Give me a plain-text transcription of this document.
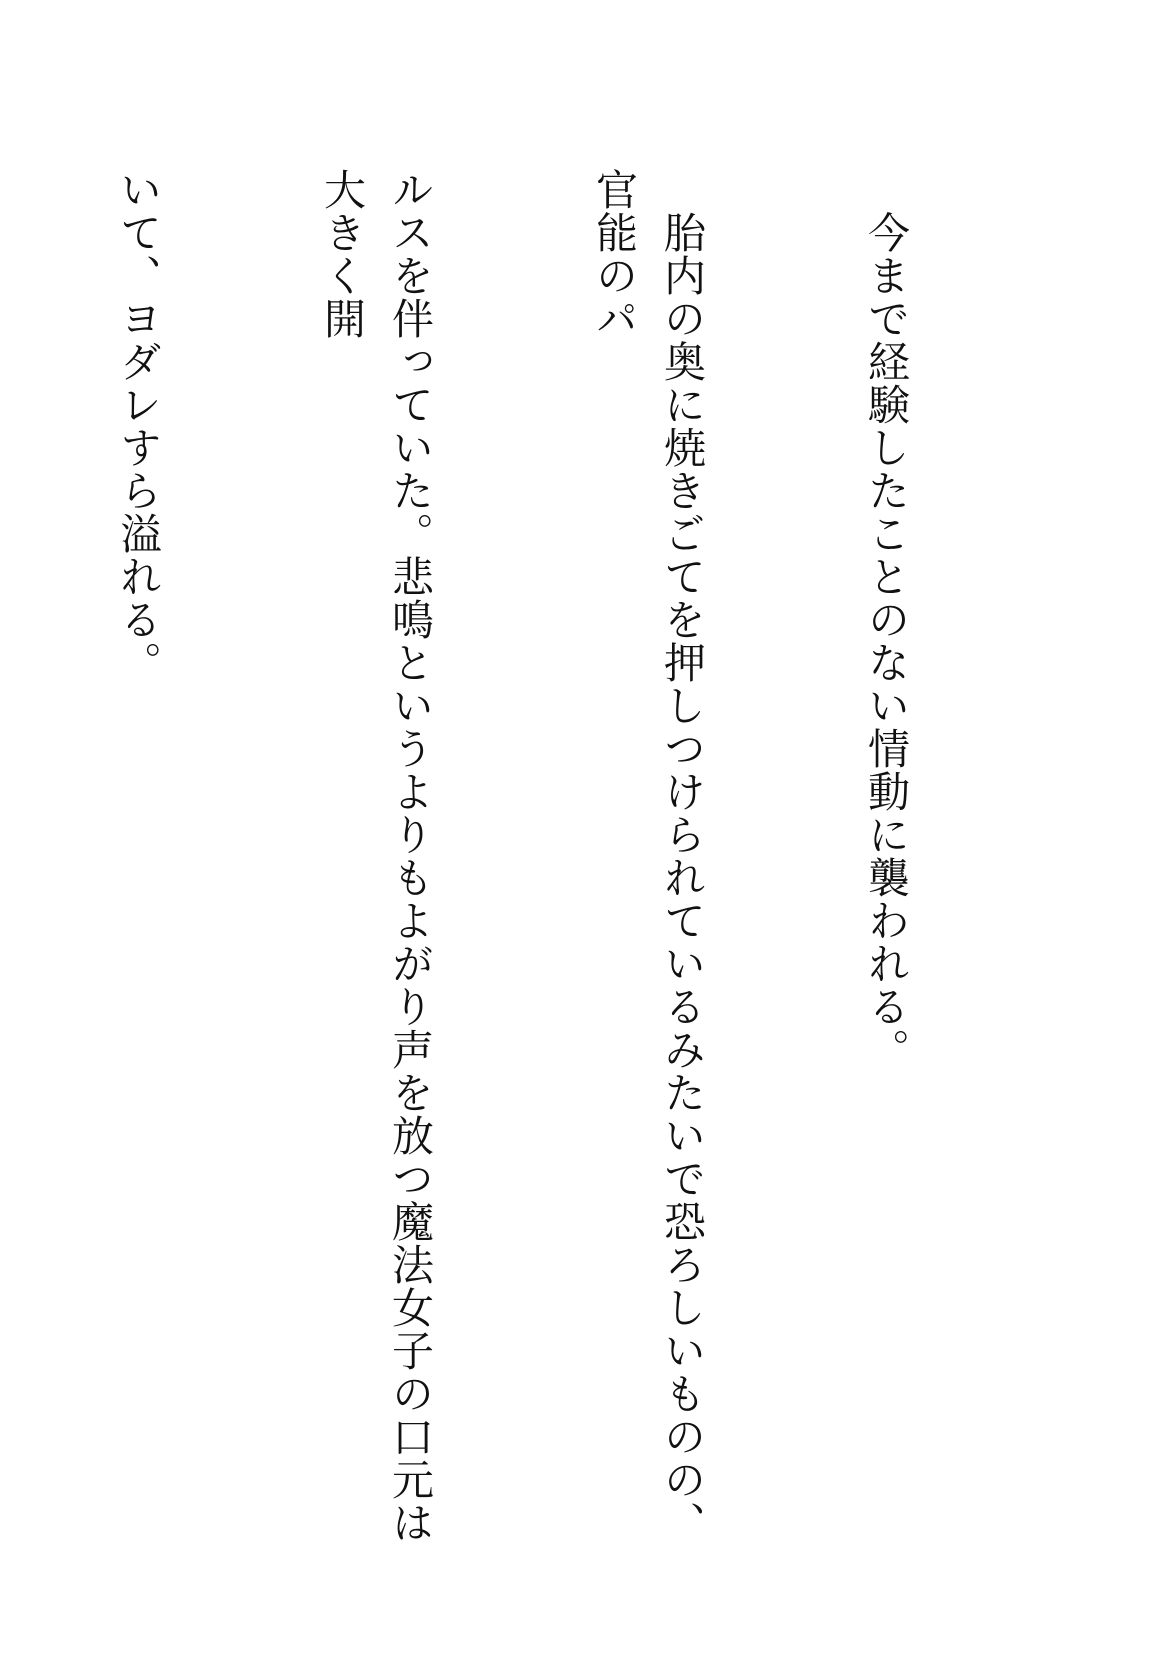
　今まで経験したことのない情動に襲われる。

　胎内の奥に焼きごてを押しつけられているみたいで恐ろしいものの、官能のパ

ルスを伴っていた。悲鳴というよりもよがり声を放つ魔法女子の口元は大きく開

いて、ヨダレすら溢れる。
